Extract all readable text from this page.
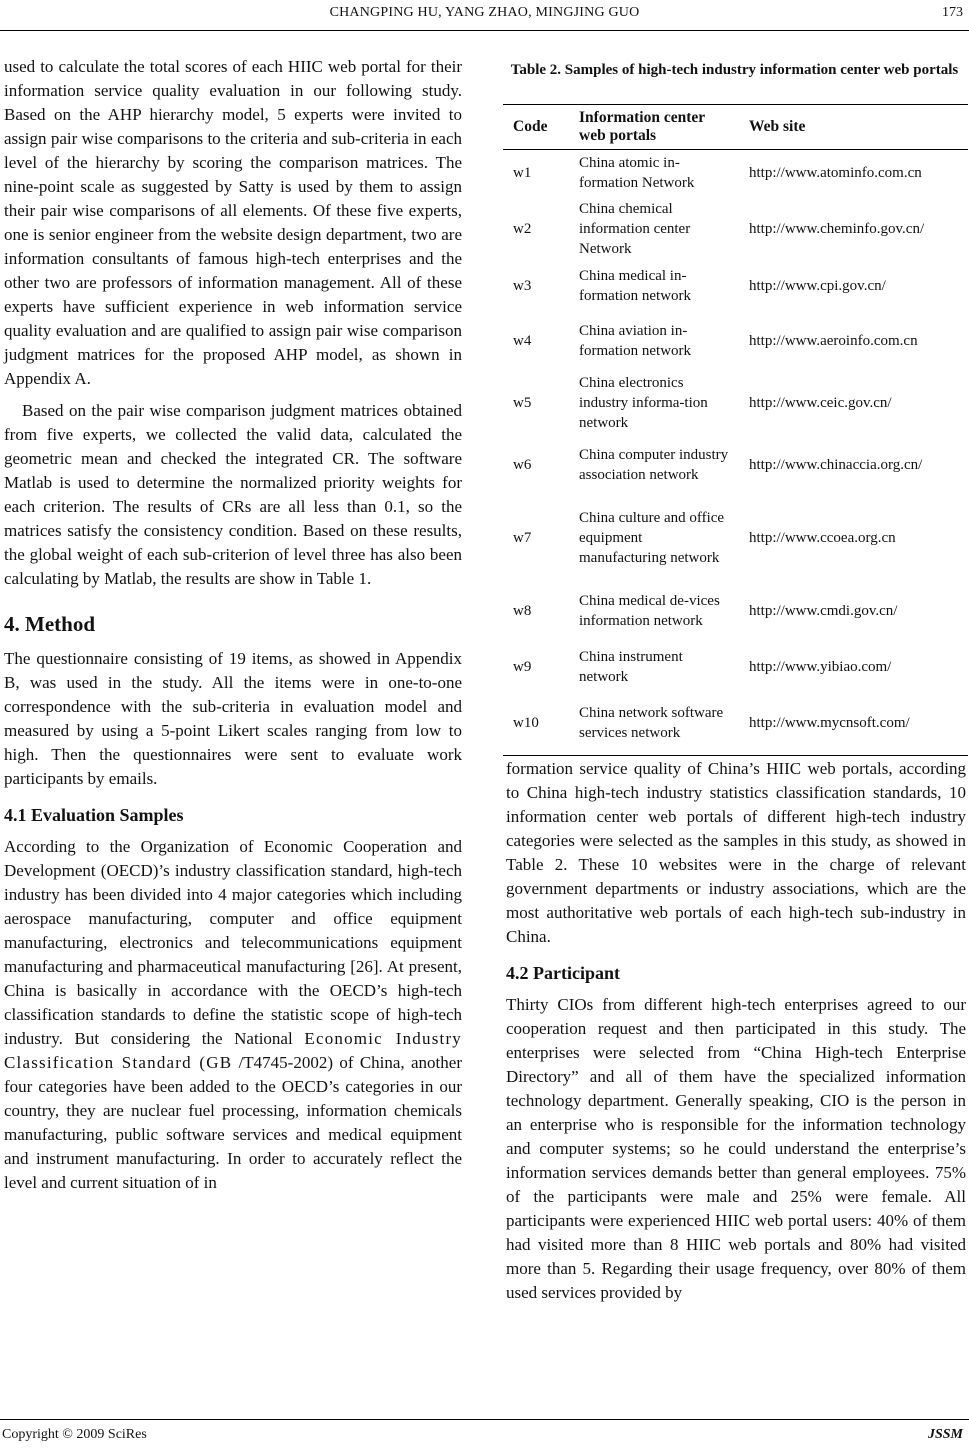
CHANGPING HU, YANG ZHAO, MINGJING GUO	173

used to calculate the total scores of each HIIC web portal for their information service quality evaluation in our following study. Based on the AHP hierarchy model, 5 experts were invited to assign pair wise comparisons to the criteria and sub-criteria in each level of the hierarchy by scoring the comparison matrices. The nine-point scale as suggested by Satty is used by them to assign their pair wise comparisons of all elements. Of these five experts, one is senior engineer from the website design department, two are information consultants of famous high-tech enterprises and the other two are professors of information management. All of these experts have sufficient experience in web information service quality evaluation and are qualified to assign pair wise comparison judgment matrices for the proposed AHP model, as shown in Appendix A.

Based on the pair wise comparison judgment matrices obtained from five experts, we collected the valid data, calculated the geometric mean and checked the integrated CR. The software Matlab is used to determine the normalized priority weights for each criterion. The results of CRs are all less than 0.1, so the matrices satisfy the consistency condition. Based on these results, the global weight of each sub-criterion of level three has also been calculating by Matlab, the results are show in Table 1.

4. Method

The questionnaire consisting of 19 items, as showed in Appendix B, was used in the study. All the items were in one-to-one correspondence with the sub-criteria in evaluation model and measured by using a 5-point Likert scales ranging from low to high. Then the questionnaires were sent to evaluate work participants by emails.

4.1 Evaluation Samples

According to the Organization of Economic Cooperation and Development (OECD)’s industry classification standard, high-tech industry has been divided into 4 major categories which including aerospace manufacturing, computer and office equipment manufacturing, electronics and telecommunications equipment manufacturing and pharmaceutical manufacturing [26]. At present, China is basically in accordance with the OECD’s high-tech classification standards to define the statistic scope of high-tech industry. But considering the National Economic Industry Classification Standard (GB /T4745-2002) of China, another four categories have been added to the OECD’s categories in our country, they are nuclear fuel processing, information chemicals manufacturing, public software services and medical equipment and instrument manufacturing. In order to accurately reflect the level and current situation of in

Table 2. Samples of high-tech industry information center web portals
Code	Information center web portals	Web site
w1	China atomic in-formation Network	http://www.atominfo.com.cn
w2	China chemical information center Network	http://www.cheminfo.gov.cn/
w3	China medical in-formation network	http://www.cpi.gov.cn/
w4	China aviation in-formation network	http://www.aeroinfo.com.cn
w5	China electronics industry informa-tion network	http://www.ceic.gov.cn/
w6	China computer industry association network	http://www.chinaccia.org.cn/
w7	China culture and office equipment manufacturing network	http://www.ccoea.org.cn
w8	China medical de-vices information network	http://www.cmdi.gov.cn/
w9	China instrument network	http://www.yibiao.com/
w10	China network software services network	http://www.mycnsoft.com/

formation service quality of China’s HIIC web portals, according to China high-tech industry statistics classification standards, 10 information center web portals of different high-tech industry categories were selected as the samples in this study, as showed in Table 2. These 10 websites were in the charge of relevant government departments or industry associations, which are the most authoritative web portals of each high-tech sub-industry in China.

4.2 Participant

Thirty CIOs from different high-tech enterprises agreed to our cooperation request and then participated in this study. The enterprises were selected from “China High-tech Enterprise Directory” and all of them have the specialized information technology department. Generally speaking, CIO is the person in an enterprise who is responsible for the information technology and computer systems; so he could understand the enterprise’s information services demands better than general employees. 75% of the participants were male and 25% were female. All participants were experienced HIIC web portal users: 40% of them had visited more than 8 HIIC web portals and 80% had visited more than 5. Regarding their usage frequency, over 80% of them used services provided by

Copyright © 2009 SciRes	JSSM
